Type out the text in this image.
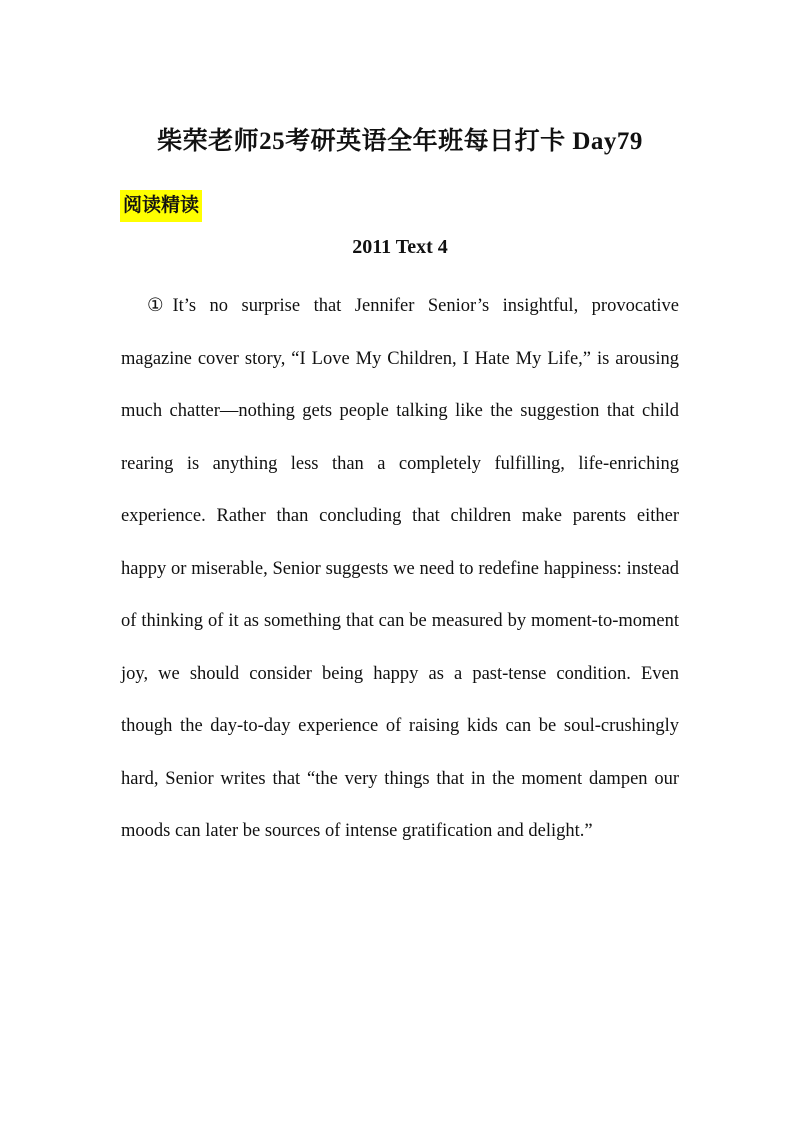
柴荣老师25考研英语全年班每日打卡 Day79
阅读精读
2011 Text 4

①It’s no surprise that Jennifer Senior’s insightful, provocative magazine cover story, “I Love My Children, I Hate My Life,” is arousing much chatter—nothing gets people talking like the suggestion that child rearing is anything less than a completely fulfilling, life-enriching experience. Rather than concluding that children make parents either happy or miserable, Senior suggests we need to redefine happiness: instead of thinking of it as something that can be measured by moment-to-moment joy, we should consider being happy as a past-tense condition. Even though the day-to-day experience of raising kids can be soul-crushingly hard, Senior writes that “the very things that in the moment dampen our moods can later be sources of intense gratification and delight.”
